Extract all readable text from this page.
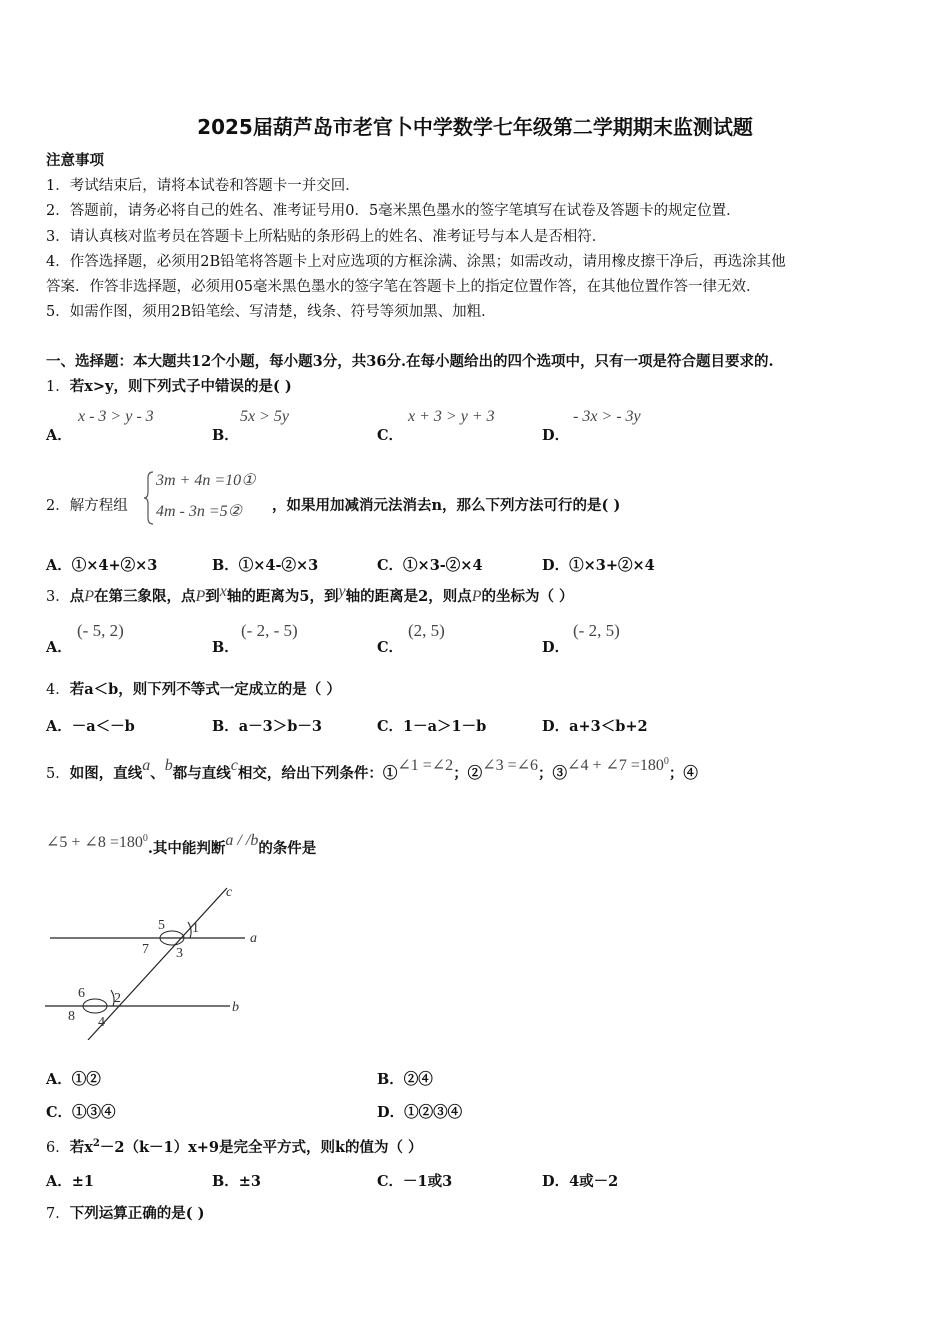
2025届葫芦岛市老官卜中学数学七年级第二学期期末监测试题
注意事项
1．考试结束后，请将本试卷和答题卡一并交回．
2．答题前，请务必将自己的姓名、准考证号用0．5毫米黑色墨水的签字笔填写在试卷及答题卡的规定位置．
3．请认真核对监考员在答题卡上所粘贴的条形码上的姓名、准考证号与本人是否相符．
4．作答选择题，必须用2B铅笔将答题卡上对应选项的方框涂满、涂黑；如需改动，请用橡皮擦干净后，再选涂其他
答案．作答非选择题，必须用05毫米黑色墨水的签字笔在答题卡上的指定位置作答，在其他位置作答一律无效．
5．如需作图，须用2B铅笔绘、写清楚，线条、符号等须加黑、加粗．
一、选择题：本大题共12个小题，每小题3分，共36分.在每小题给出的四个选项中，只有一项是符合题目要求的.
1．若x>y，则下列式子中错误的是( )
A．
x - 3 > y - 3
B．
5x > 5y
C．
x + 3 > y + 3
D．
- 3x > - 3y
2．解方程组
3m + 4n =10①
4m - 3n =5② ，如果用加减消元法消去n，那么下列方法可行的是( )
A．①×4+②×3	B．①×4-②×3	C．①×3-②×4	D．①×3+②×4
3．点P在第三象限，点P到x轴的距离为5，到y轴的距离是2，则点P的坐标为（ ）
A．
(- 5, 2)
B．
(- 2, - 5)
C．
(2, 5)
D．
(- 2, 5)
4．若a＜b，则下列不等式一定成立的是（ ）
A．－a＜－b	B．a－3＞b－3	C．1－a＞1－b	D．a+3＜b+2
5．如图，直线a、b都与直线c相交，给出下列条件：①∠1 =∠2；②∠3 =∠6；③∠4 + ∠7 $=180^0$；④
∠5 + ∠8 $=180^0$.其中能判断a / /b的条件是
c
a
b
5 1
7 3
6 2
8 4
A．①②	B．②④
C．①③④	D．①②③④
6．若$x^2-2(k-1)x+9$是完全平方式，则k的值为（ ）
A．±1	B．±3	C．－1或3	D．4或－2
7．下列运算正确的是( )
